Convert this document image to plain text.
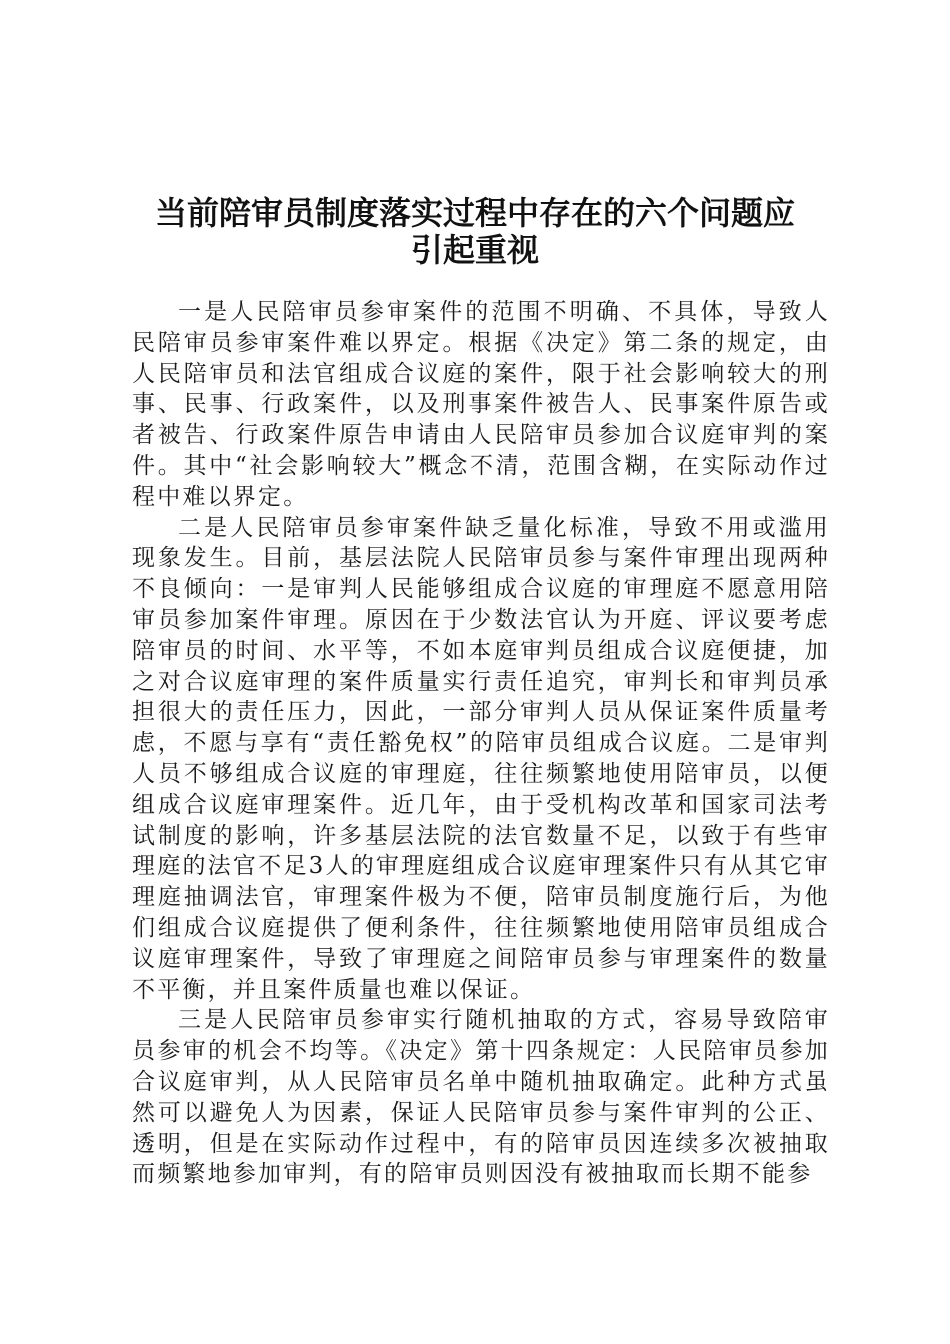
当前陪审员制度落实过程中存在的六个问题应
引起重视

一是人民陪审员参审案件的范围不明确、不具体，导致人民陪审员参审案件难以界定。根据《决定》第二条的规定，由人民陪审员和法官组成合议庭的案件，限于社会影响较大的刑事、民事、行政案件，以及刑事案件被告人、民事案件原告或者被告、行政案件原告申请由人民陪审员参加合议庭审判的案件。其中“社会影响较大”概念不清，范围含糊，在实际动作过程中难以界定。

二是人民陪审员参审案件缺乏量化标准，导致不用或滥用现象发生。目前，基层法院人民陪审员参与案件审理出现两种不良倾向：一是审判人民能够组成合议庭的审理庭不愿意用陪审员参加案件审理。原因在于少数法官认为开庭、评议要考虑陪审员的时间、水平等，不如本庭审判员组成合议庭便捷，加之对合议庭审理的案件质量实行责任追究，审判长和审判员承担很大的责任压力，因此，一部分审判人员从保证案件质量考虑，不愿与享有“责任豁免权”的陪审员组成合议庭。二是审判人员不够组成合议庭的审理庭，往往频繁地使用陪审员，以便组成合议庭审理案件。近几年，由于受机构改革和国家司法考试制度的影响，许多基层法院的法官数量不足，以致于有些审理庭的法官不足3人的审理庭组成合议庭审理案件只有从其它审理庭抽调法官，审理案件极为不便，陪审员制度施行后，为他们组成合议庭提供了便利条件，往往频繁地使用陪审员组成合议庭审理案件，导致了审理庭之间陪审员参与审理案件的数量不平衡，并且案件质量也难以保证。

三是人民陪审员参审实行随机抽取的方式，容易导致陪审员参审的机会不均等。《决定》第十四条规定：人民陪审员参加合议庭审判，从人民陪审员名单中随机抽取确定。此种方式虽然可以避免人为因素，保证人民陪审员参与案件审判的公正、透明，但是在实际动作过程中，有的陪审员因连续多次被抽取而频繁地参加审判，有的陪审员则因没有被抽取而长期不能参
